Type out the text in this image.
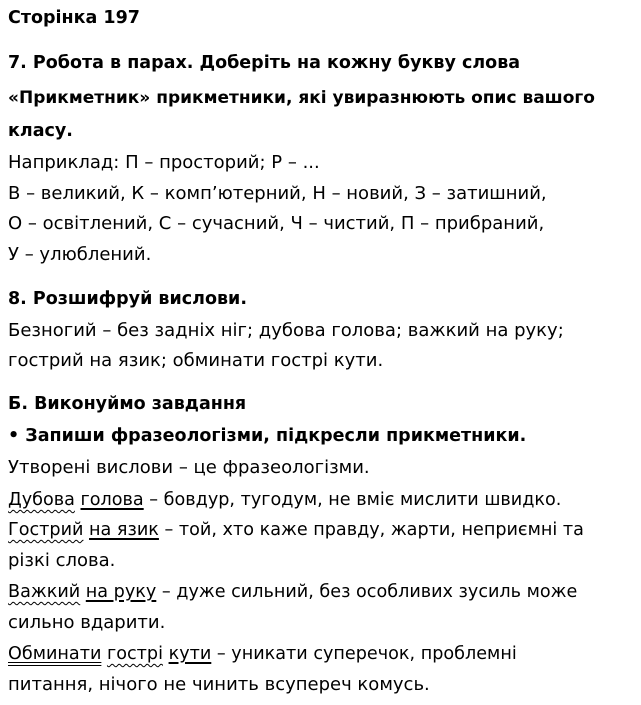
Сторінка 197
7. Робота в парах. Доберіть на кожну букву слова
«Прикметник» прикметники, які увиразнюють опис вашого
класу.
Наприклад: П – просторий; Р – ...
В – великий, К – комп’ютерний, Н – новий, З – затишний,
О – освітлений, С – сучасний, Ч – чистий, П – прибраний,
У – улюблений.
8. Розшифруй вислови.
Безногий – без задніх ніг; дубова голова; важкий на руку;
гострий на язик; обминати гострі кути.
Б. Виконуймо завдання
• Запиши фразеологізми, підкресли прикметники.
Утворені вислови – це фразеологізми.
Дубова голова – бовдур, тугодум, не вміє мислити швидко.
Гострий на язик – той, хто каже правду, жарти, неприємні та
різкі слова.
Важкий на руку – дуже сильний, без особливих зусиль може
сильно вдарити.
Обминати гострі кути – уникати суперечок, проблемні
питання, нічого не чинить всупереч комусь.
